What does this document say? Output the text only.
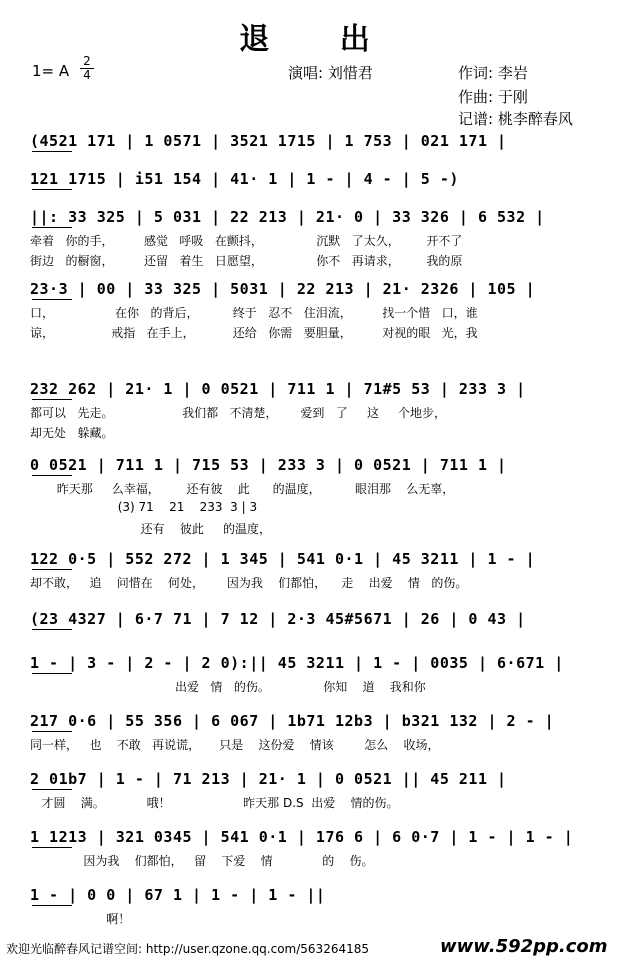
退 出
1= A
2
4	演唱: 刘惜君	作词: 李岩
作曲: 于刚
记谱: 桃李醉春风
(4521 171 | 1 0571 | 3521 1715 | 1 753 | 021 171 |
121 1715 | i51 154 | 41· 1 | 1 - | 4 - | 5 -)
||: 33 325 | 5 031 | 22 213 | 21· 0 | 33 326 | 6 532 |
牵着   你的手，        感觉   呼吸   在颤抖，              沉默   了太久，       开不了
街边   的橱窗，        还留   着生   日愿望，              你不   再请求，       我的原
23·3 | 00 | 33 325 | 5031 | 22 213 | 21· 2326 | 105 |
口，                在你   的背后，         终于   忍不   住泪流，        找一个惜   口，谁
谅，               戒指   在手上，          还给   你需   要胆量，        对视的眼   光，我
232 262 | 21· 1 | 0 0521 | 711 1 | 71#5 53 | 233 3 |
都可以   先走。                  我们都   不清楚，      爱到   了     这     个地步，
却无处   躲藏。
0 0521 | 711 1 | 715 53 | 233 3 | 0 0521 | 711 1 |
昨天那     么幸福，       还有彼    此      的温度，         眼泪那    么无辜，
(3) 71    21    233  3 | 3
还有    彼此     的温度，
122 0·5 | 552 272 | 1 345 | 541 0·1 | 45 3211 | 1 - |
却不敢，   追    问惜在    何处，      因为我    们都怕，    走    出爱    情   的伤。
(23 4327 | 6·7 71 | 7 12 | 2·3 45#5671 | 26 | 0 43 |
1 - | 3 - | 2 - | 2 0):|| 45 3211 | 1 - | 0035 | 6·671 |
出爱   情   的伤。              你知    道    我和你
217 0·6 | 55 356 | 6 067 | 1b71 12b3 | b321 132 | 2 - |
同一样，   也    不敢   再说谎，     只是    这份爱    情该        怎么    收场，
2 01b7 | 1 - | 71 213 | 21· 1 | 0 0521 || 45 211 |
才圆    满。           哦！                   昨天那 D.S  出爱    情的伤。
1 1213 | 321 0345 | 541 0·1 | 176 6 | 6 0·7 | 1 - | 1 - |
因为我    们都怕，   留    下爱    情             的    伤。
1 - | 0 0 | 67 1 | 1 - | 1 - ||
啊！
欢迎光临醉春风记谱空间: http://user.qzone.qq.com/563264185	www.592pp.com
